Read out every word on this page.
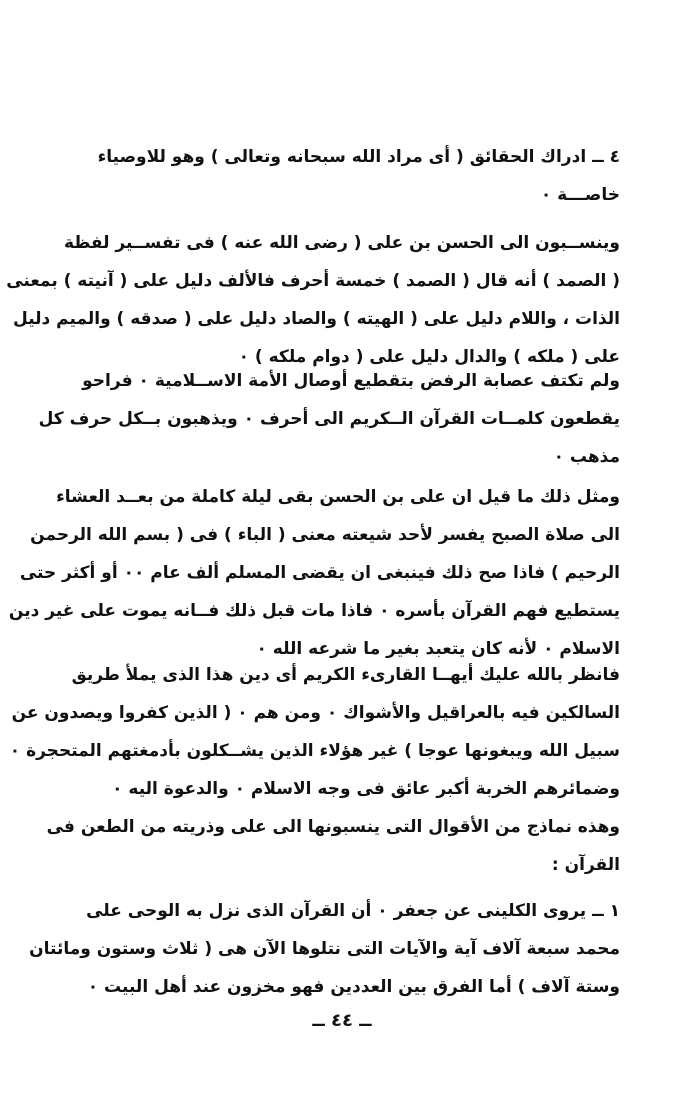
٤ ــ ادراك الحقائق ( أى مراد الله سبحانه وتعالى ) وهو للاوصياء
خاصـــة ٠
وينســبون الى الحسن بن على ( رضى الله عنه ) فى تفســير لفظة
( الصمد ) أنه قال ( الصمد ) خمسة أحرف فالألف دليل على ( آنيته ) بمعنى
الذات ، واللام دليل على ( الهيته ) والصاد دليل على ( صدقه ) والميم دليل
على ( ملكه ) والدال دليل على ( دوام ملكه ) ٠
ولم تكتف عصابة الرفض بتقطيع أوصال الأمة الاســلامية ٠ فراحو
يقطعون كلمــات القرآن الــكريم الى أحرف ٠ ويذهبون بــكل حرف كل
مذهب ٠
ومثل ذلك ما قيل ان على بن الحسن بقى ليلة كاملة من بعــد العشاء
الى صلاة الصبح يفسر لأحد شيعته معنى ( الباء ) فى ( بسم الله الرحمن
الرحيم ) فاذا صح ذلك فينبغى ان يقضى المسلم ألف عام ٠٠ أو أكثر حتى
يستطيع فهم القرآن بأسره ٠ فاذا مات قبل ذلك فــانه يموت على غير دين
الاسلام ٠ لأنه كان يتعبد بغير ما شرعه الله ٠
فانظر بالله عليك أيهــا القارىء الكريم أى دين هذا الذى يملأ طريق
السالكين فيه بالعراقيل والأشواك ٠ ومن هم ٠ ( الذين كفروا ويصدون عن
سبيل الله ويبغونها عوجا ) غير هؤلاء الذين يشــكلون بأدمغتهم المتحجرة ٠
وضمائرهم الخربة أكبر عائق فى وجه الاسلام ٠ والدعوة اليه ٠
وهذه نماذج من الأقوال التى ينسبونها الى على وذريته من الطعن فى
القرآن :
١ ــ يروى الكلينى عن جعفر ٠ أن القرآن الذى نزل به الوحى على
محمد سبعة آلاف آية والآيات التى نتلوها الآن هى ( ثلاث وستون ومائتان
وستة آلاف ) أما الفرق بين العددين فهو مخزون عند أهل البيت ٠
ــ ٤٤ ــ
